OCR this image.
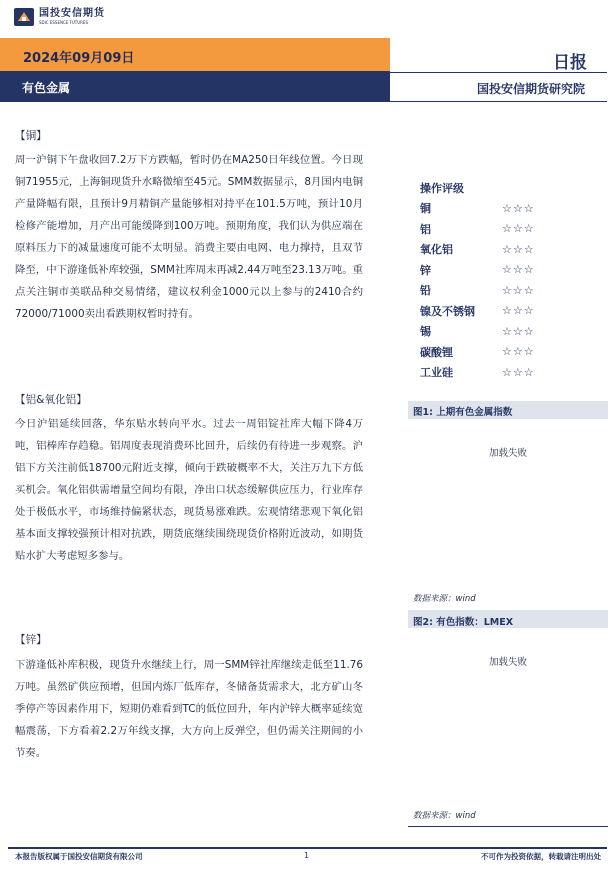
国投安信期货
SDIC ESSENCE FUTURES
2024年09月09日
有色金属
日报
国投安信期货研究院
【铜】
周一沪铜下午盘收回7.2万下方跌幅，暂时仍在MA250日年线位置。今日现铜71955元，上海铜现货升水略微缩至45元。SMM数据显示，8月国内电铜产量降幅有限，且预计9月精铜产量能够相对持平在101.5万吨，预计10月检修产能增加，月产出可能缓降到100万吨。预期角度，我们认为供应端在原料压力下的减量速度可能不太明显。消费主要由电网、电力撑持，且双节降至，中下游逢低补库较强，SMM社库周末再减2.44万吨至23.13万吨。重点关注铜市美联品种交易情绪，建议权利金1000元以上参与的2410合约72000/71000卖出看跌期权暂时持有。
【铝&氧化铝】
今日沪铝延续回落，华东贴水转向平水。过去一周铝锭社库大幅下降4万吨，铝棒库存趋稳。铝周度表现消费环比回升，后续仍有待进一步观察。沪铝下方关注前低18700元附近支撑，倾向于跌破概率不大，关注万九下方低买机会。氧化铝供需增量空间均有限，净出口状态缓解供应压力，行业库存处于极低水平，市场维持偏紧状态，现货易涨难跌。宏观情绪悲观下氧化铝基本面支撑较强预计相对抗跌，期货底继续围绕现货价格附近波动，如期货贴水扩大考虑短多参与。
【锌】
下游逢低补库积极，现货升水继续上行，周一SMM锌社库继续走低至11.76万吨。虽然矿供应预增，但国内炼厂低库存，冬储备货需求大，北方矿山冬季停产等因素作用下，短期仍难看到TC的低位回升，年内沪锌大概率延续宽幅震荡，下方看着2.2万年线支撑，大方向上反弹空，但仍需关注期间的小节奏。
操作评级
铜	☆☆☆
铝	☆☆☆
氧化铝	☆☆☆
锌	☆☆☆
铅	☆☆☆
镍及不锈钢	☆☆☆
锡	☆☆☆
碳酸锂	☆☆☆
工业硅	☆☆☆
图1: 上期有色金属指数
加载失败
数据来源：wind
图2: 有色指数：LMEX
加载失败
数据来源：wind
本报告版权属于国投安信期货有限公司	1	不可作为投资依据，转载请注明出处
